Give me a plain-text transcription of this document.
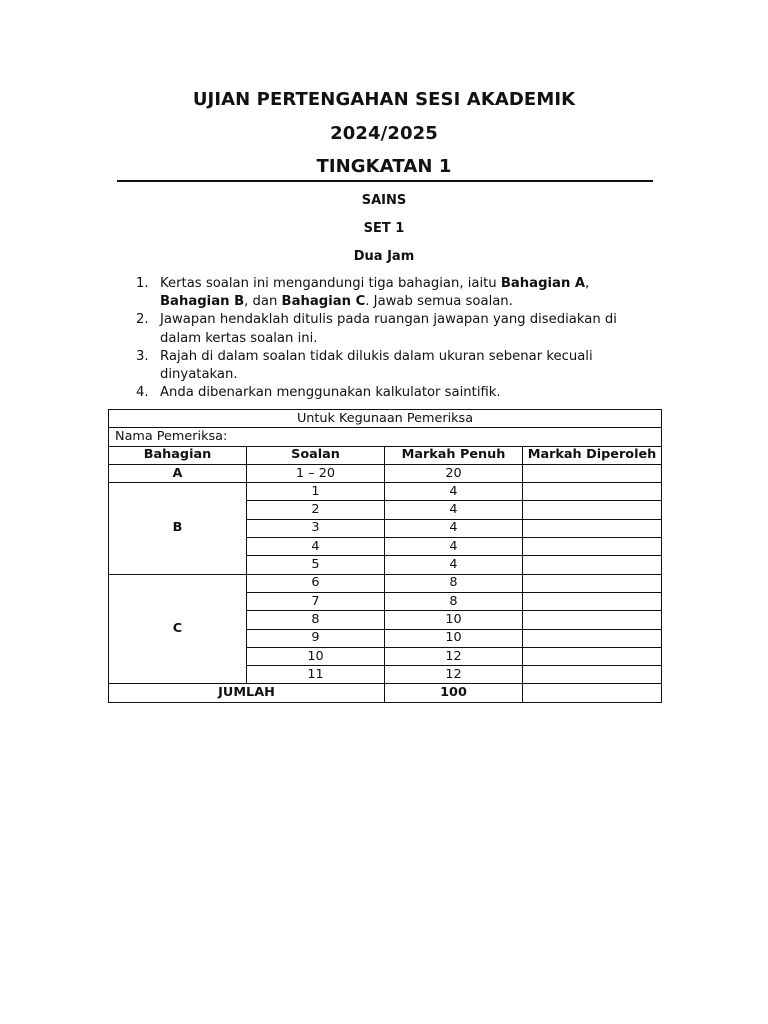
UJIAN PERTENGAHAN SESI AKADEMIK
2024/2025
TINGKATAN 1
SAINS
SET 1
Dua Jam
1. Kertas soalan ini mengandungi tiga bahagian, iaitu Bahagian A, Bahagian B, dan Bahagian C. Jawab semua soalan.
2. Jawapan hendaklah ditulis pada ruangan jawapan yang disediakan di dalam kertas soalan ini.
3. Rajah di dalam soalan tidak dilukis dalam ukuran sebenar kecuali dinyatakan.
4. Anda dibenarkan menggunakan kalkulator saintifik.
Untuk Kegunaan Pemeriksa			
Nama Pemeriksa:			
Bahagian	Soalan	Markah Penuh	Markah Diperoleh
A	1 – 20	20	
B	1	4	
	2	4	
	3	4	
	4	4	
	5	4	
C	6	8	
	7	8	
	8	10	
	9	10	
	10	12	
	11	12	
JUMLAH		100	
